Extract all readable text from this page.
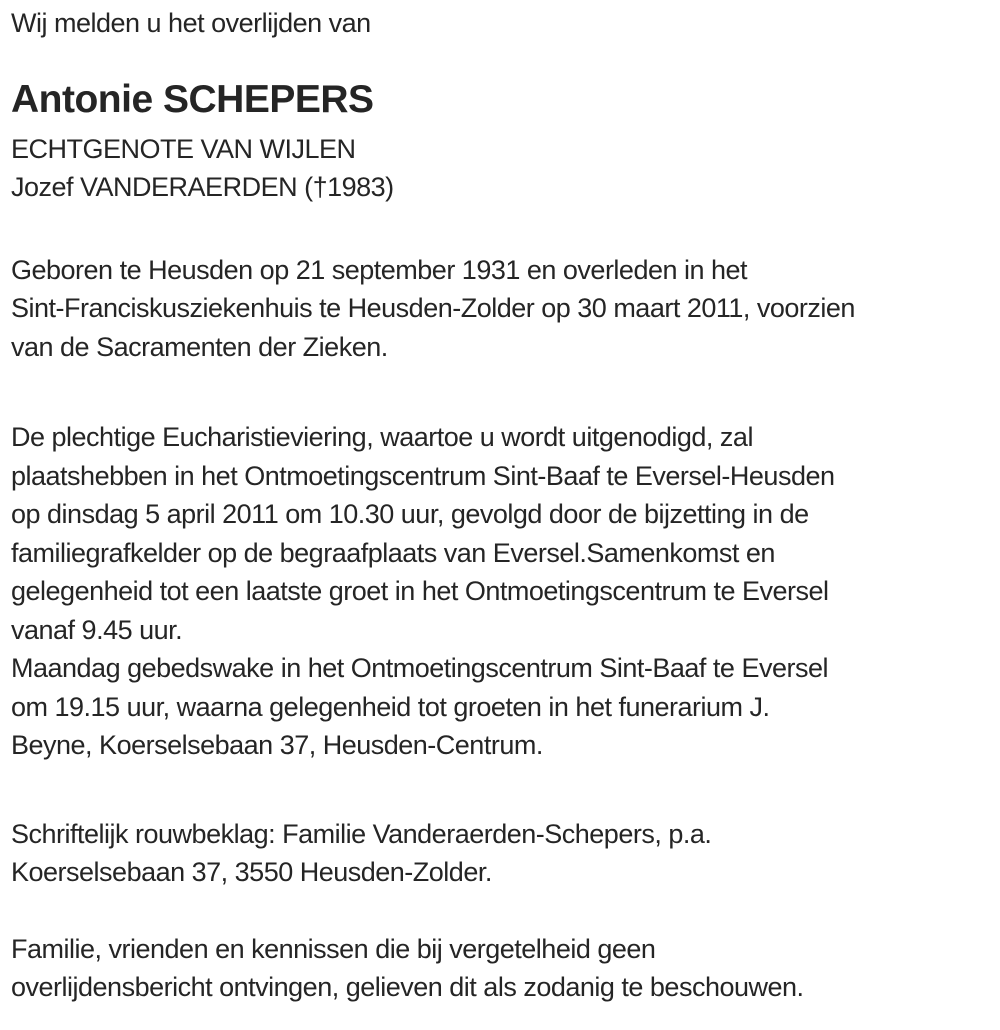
Wij melden u het overlijden van

Antonie SCHEPERS

ECHTGENOTE VAN WIJLEN

Jozef VANDERAERDEN (†1983)

Geboren te Heusden op 21 september 1931 en overleden in het
Sint-Franciskusziekenhuis te Heusden-Zolder op 30 maart 2011, voorzien
van de Sacramenten der Zieken.

De plechtige Eucharistieviering, waartoe u wordt uitgenodigd, zal
plaatshebben in het Ontmoetingscentrum Sint-Baaf te Eversel-Heusden
op dinsdag 5 april 2011 om 10.30 uur, gevolgd door de bijzetting in de
familiegrafkelder op de begraafplaats van Eversel.Samenkomst en
gelegenheid tot een laatste groet in het Ontmoetingscentrum te Eversel
vanaf 9.45 uur.
Maandag gebedswake in het Ontmoetingscentrum Sint-Baaf te Eversel
om 19.15 uur, waarna gelegenheid tot groeten in het funerarium J.
Beyne, Koerselsebaan 37, Heusden-Centrum.

Schriftelijk rouwbeklag: Familie Vanderaerden-Schepers, p.a.
Koerselsebaan 37, 3550 Heusden-Zolder.

Familie, vrienden en kennissen die bij vergetelheid geen
overlijdensbericht ontvingen, gelieven dit als zodanig te beschouwen.
